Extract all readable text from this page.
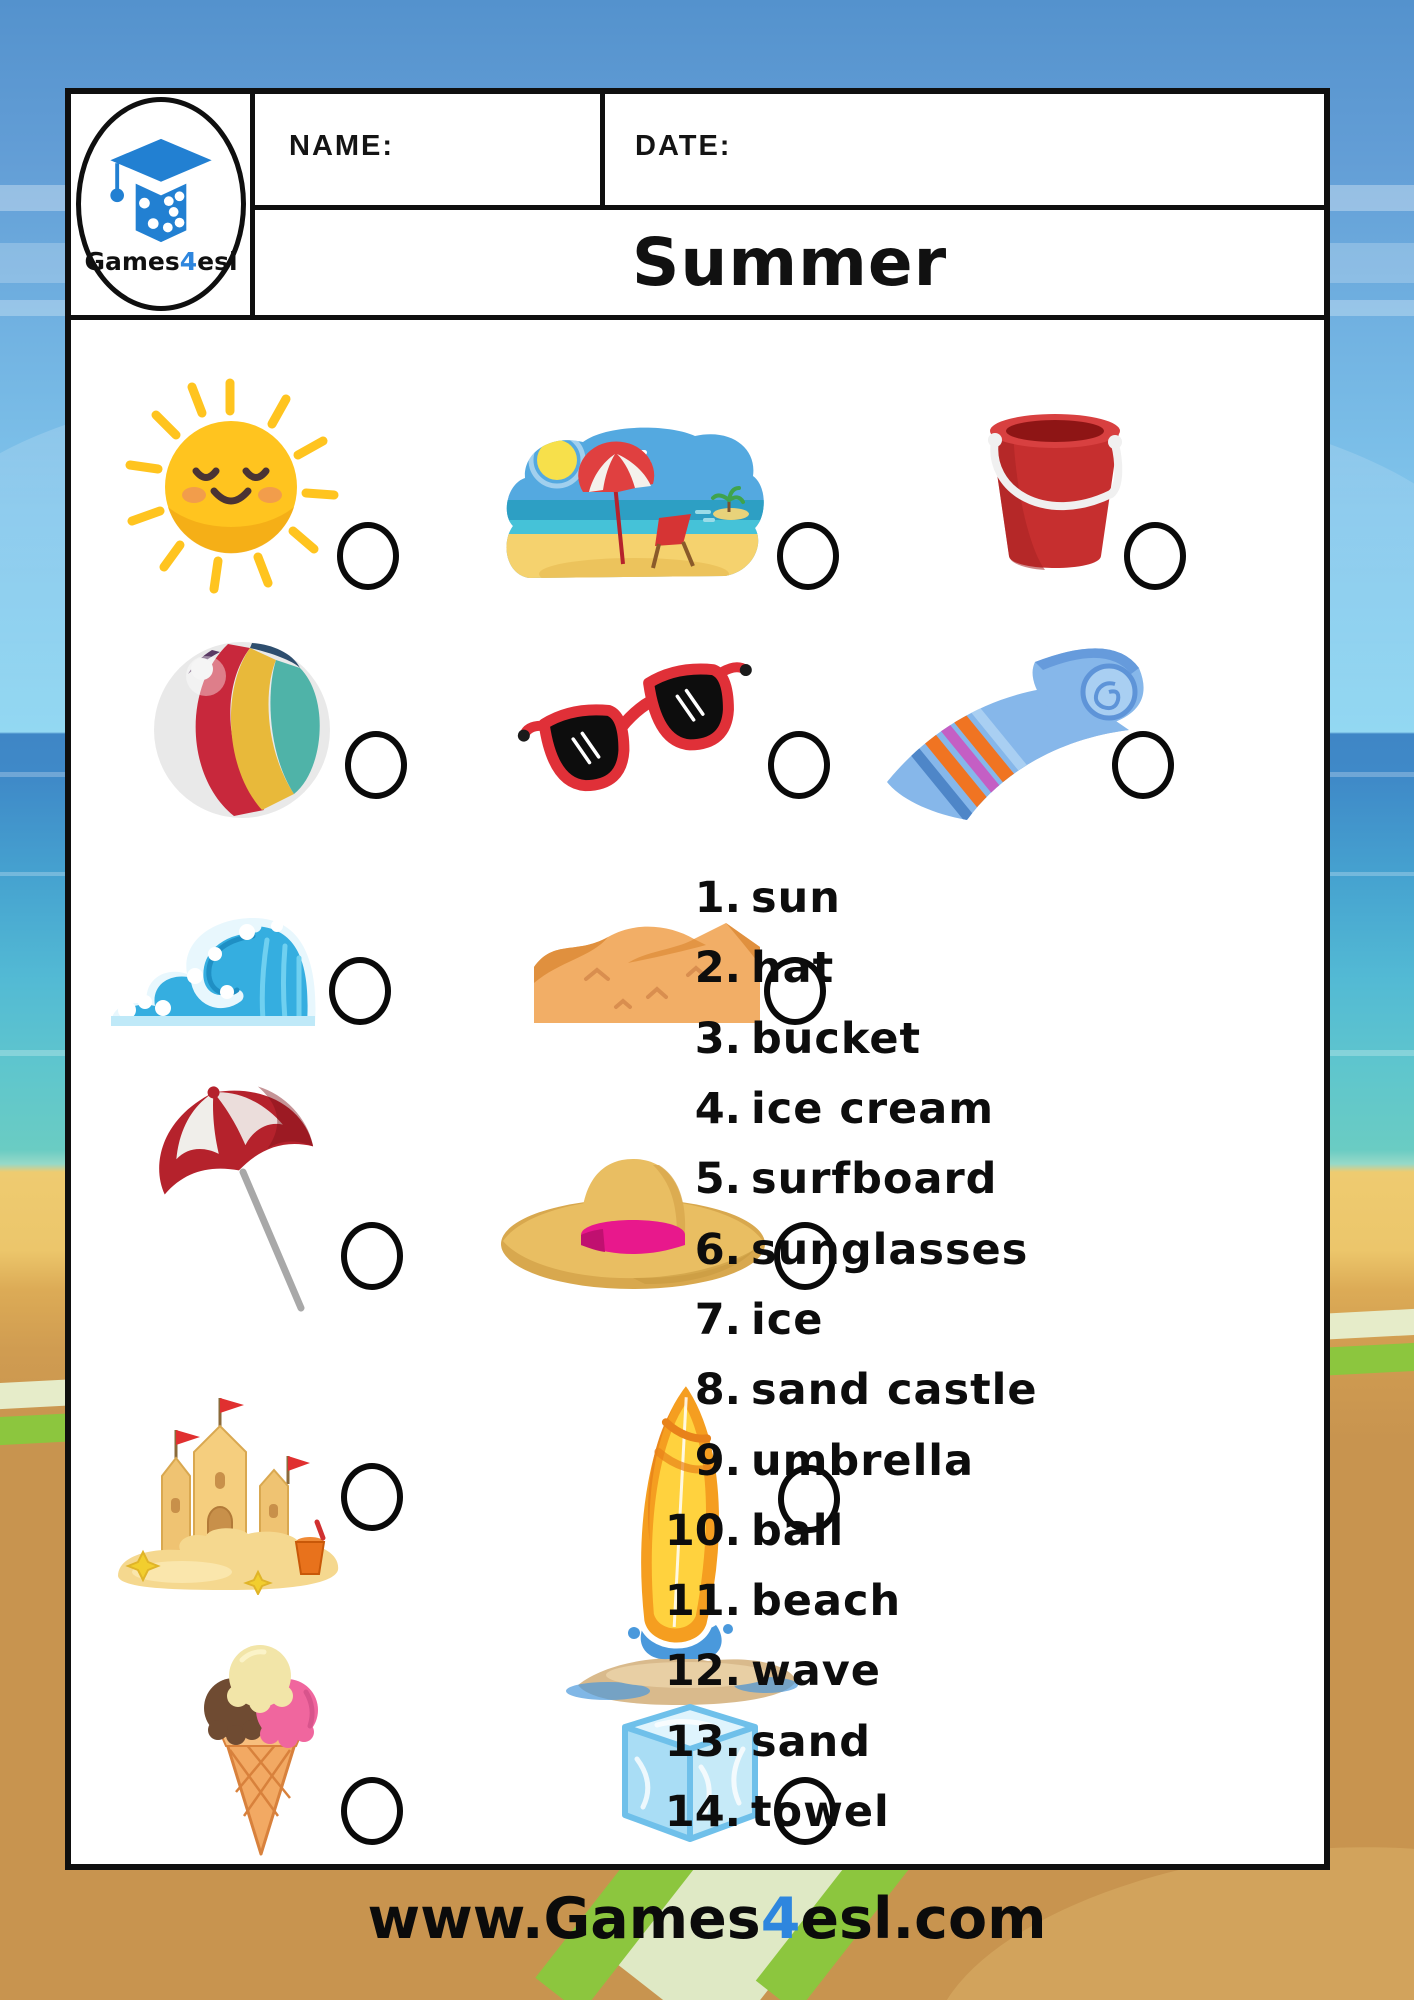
Games4esl
NAME:	DATE:
Summer
1. sun
2. hat
3. bucket
4. ice cream
5. surfboard
6. sunglasses
7. ice
8. sand castle
9. umbrella
10. ball
11. beach
12. wave
13. sand
14. towel
www.Games4esl.com
